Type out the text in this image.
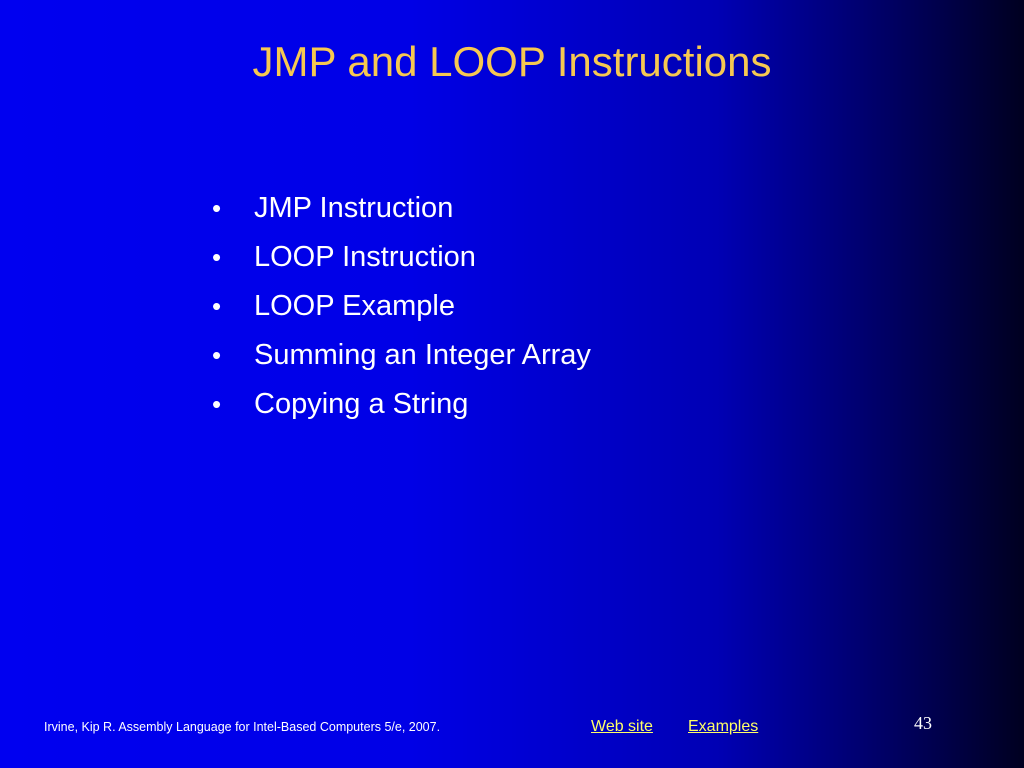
JMP and LOOP Instructions
•	JMP Instruction
•	LOOP Instruction
•	LOOP Example
•	Summing an Integer Array
•	Copying a String
Irvine, Kip R. Assembly Language for Intel-Based Computers 5/e, 2007.	Web site Examples	43
